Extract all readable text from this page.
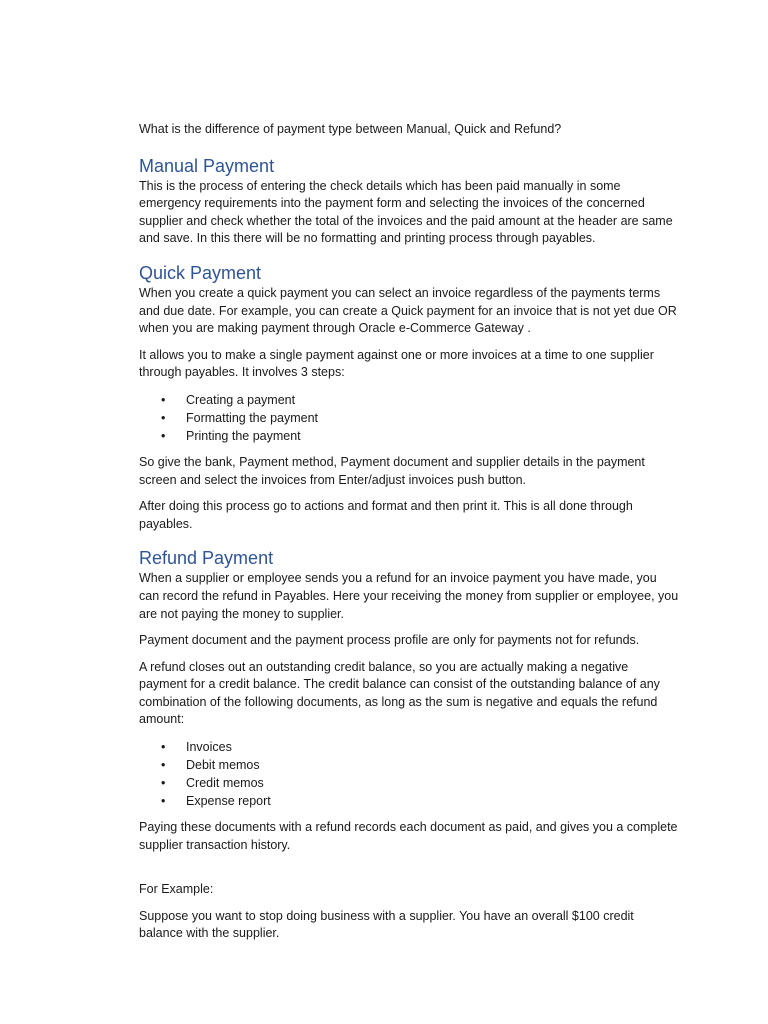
What is the difference of payment type between Manual, Quick and Refund?

Manual Payment

This is the process of entering the check details which has been paid manually in some emergency requirements into the payment form and selecting the invoices of the concerned supplier and check whether the total of the invoices and the paid amount at the header are same and save. In this there will be no formatting and printing process through payables.

Quick Payment

When you create a quick payment you can select an invoice regardless of the payments terms and due date. For example, you can create a Quick payment for an invoice that is not yet due OR when you are making payment through Oracle e-Commerce Gateway .

It allows you to make a single payment against one or more invoices at a time to one supplier through payables. It involves 3 steps:

• Creating a payment
• Formatting the payment
• Printing the payment

So give the bank, Payment method, Payment document and supplier details in the payment screen and select the invoices from Enter/adjust invoices push button.

After doing this process go to actions and format and then print it. This is all done through payables.

Refund Payment

When a supplier or employee sends you a refund for an invoice payment you have made, you can record the refund in Payables. Here your receiving the money from supplier or employee, you are not paying the money to supplier.

Payment document and the payment process profile are only for payments not for refunds.

A refund closes out an outstanding credit balance, so you are actually making a negative payment for a credit balance. The credit balance can consist of the outstanding balance of any combination of the following documents, as long as the sum is negative and equals the refund amount:

• Invoices
• Debit memos
• Credit memos
• Expense report

Paying these documents with a refund records each document as paid, and gives you a complete supplier transaction history.

For Example:

Suppose you want to stop doing business with a supplier. You have an overall $100 credit balance with the supplier.
